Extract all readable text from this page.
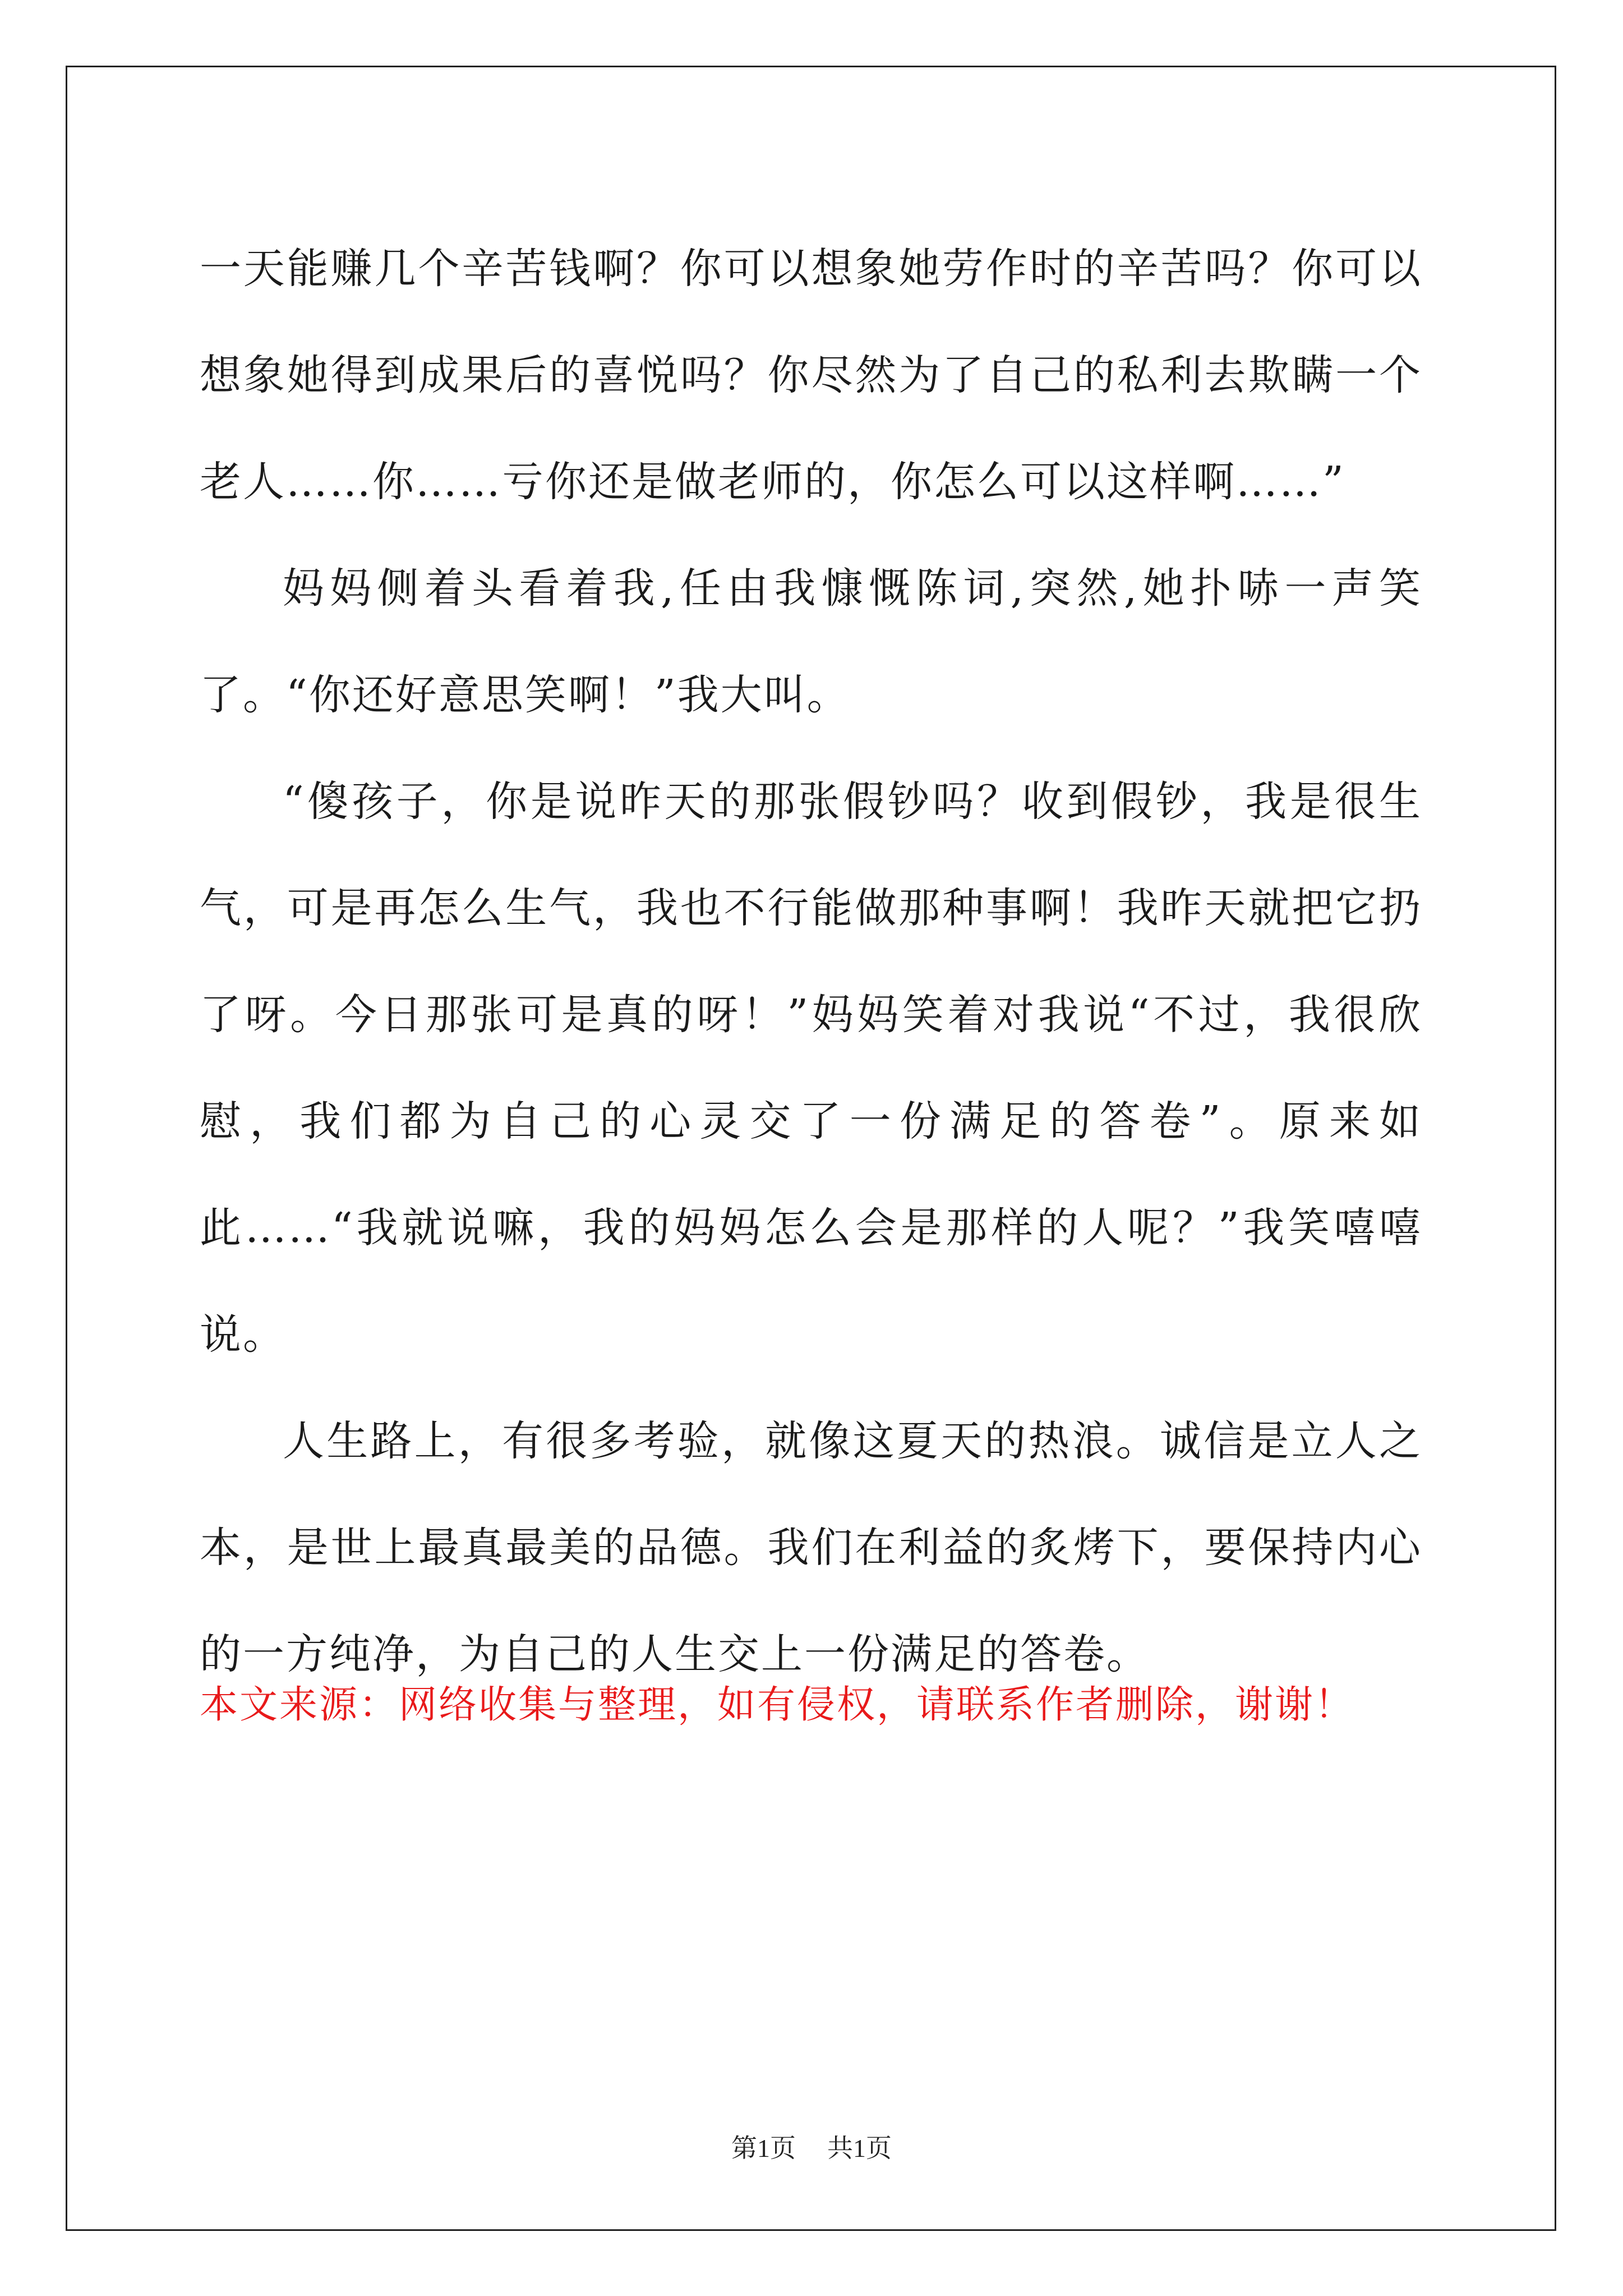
一天能赚几个辛苦钱啊？你可以想象她劳作时的辛苦吗？你可以想象她得到成果后的喜悦吗？你尽然为了自己的私利去欺瞒一个老人……你……亏你还是做老师的，你怎么可以这样啊……”

妈妈侧着头看着我,任由我慷慨陈词,突然,她扑哧一声笑了。“你还好意思笑啊！”我大叫。

“傻孩子，你是说昨天的那张假钞吗？收到假钞，我是很生气，可是再怎么生气，我也不行能做那种事啊！我昨天就把它扔了呀。今日那张可是真的呀！”妈妈笑着对我说“不过，我很欣慰，我们都为自己的心灵交了一份满足的答卷”。原来如此……“我就说嘛，我的妈妈怎么会是那样的人呢？”我笑嘻嘻说。

人生路上，有很多考验，就像这夏天的热浪。诚信是立人之本，是世上最真最美的品德。我们在利益的炙烤下，要保持内心的一方纯净，为自己的人生交上一份满足的答卷。

本文来源：网络收集与整理，如有侵权，请联系作者删除，谢谢！

第1页 共1页
